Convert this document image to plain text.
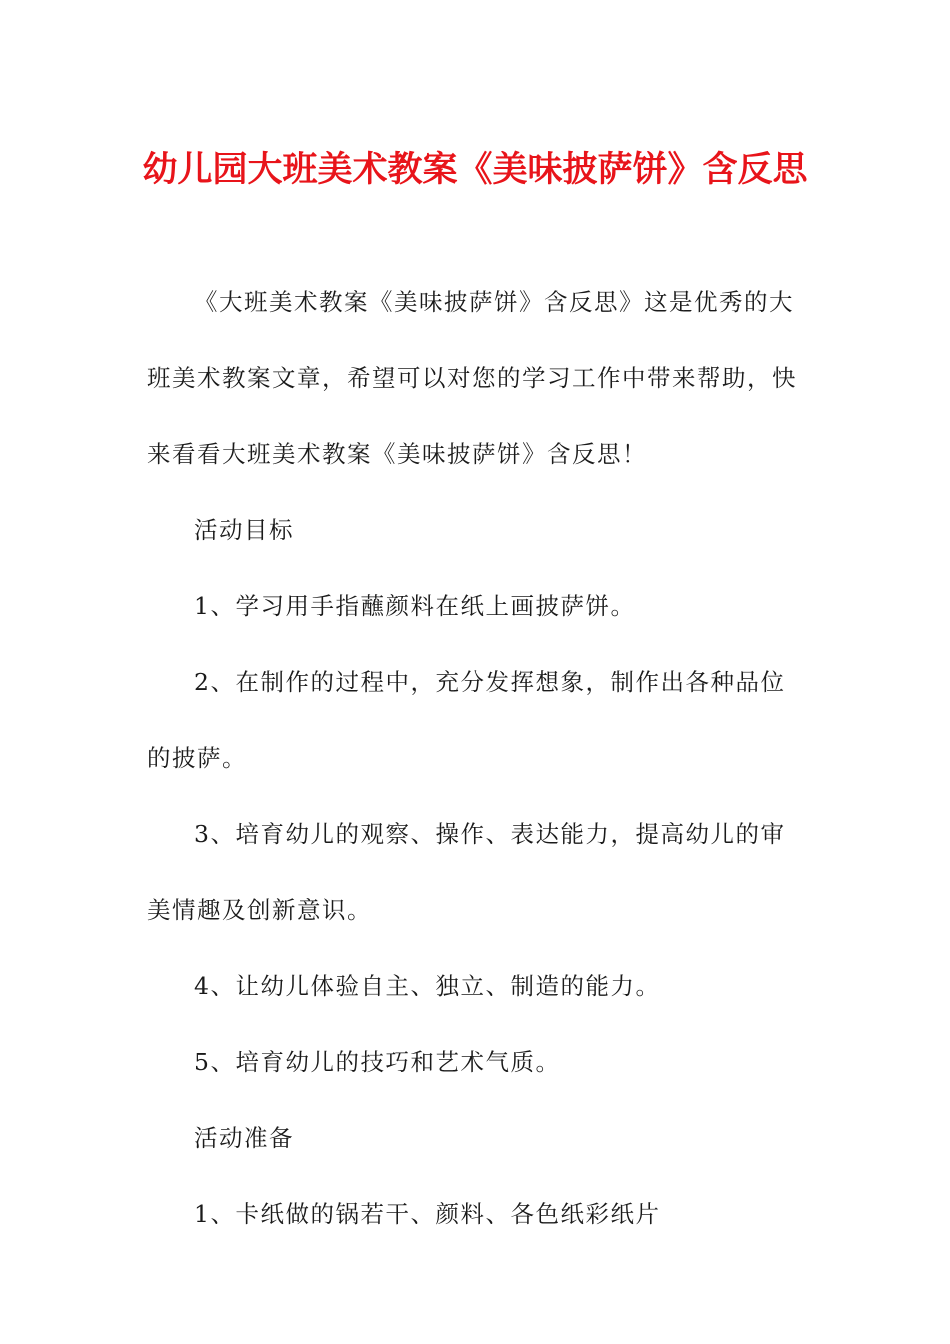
幼儿园大班美术教案《美味披萨饼》含反思

《大班美术教案《美味披萨饼》含反思》这是优秀的大班美术教案文章，希望可以对您的学习工作中带来帮助，快来看看大班美术教案《美味披萨饼》含反思！

活动目标

1、学习用手指蘸颜料在纸上画披萨饼。

2、在制作的过程中，充分发挥想象，制作出各种品位的披萨。

3、培育幼儿的观察、操作、表达能力，提高幼儿的审美情趣及创新意识。

4、让幼儿体验自主、独立、制造的能力。

5、培育幼儿的技巧和艺术气质。

活动准备

1、卡纸做的锅若干、颜料、各色纸彩纸片
